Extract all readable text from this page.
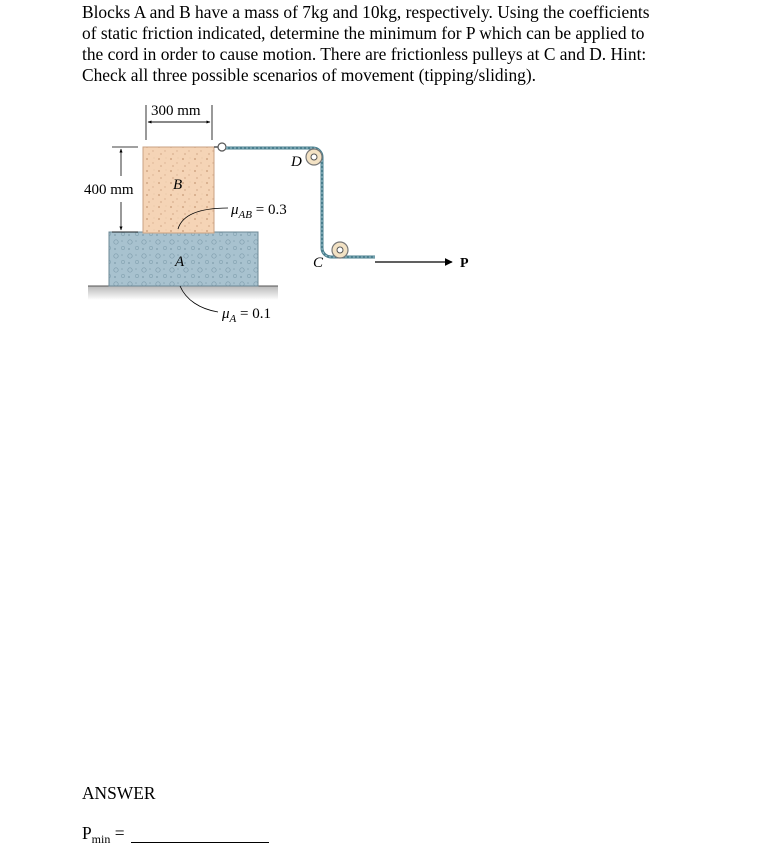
Blocks A and B have a mass of 7kg and 10kg, respectively. Using the coefficients
of static friction indicated, determine the minimum for P which can be applied to
the cord in order to cause motion. There are frictionless pulleys at C and D. Hint:
Check all three possible scenarios of movement (tipping/sliding).
300 mm
400 mm	B
A
$\mu_{AB} = 0.3$
$\mu_A = 0.1$
D
C	P

ANSWER

$P_{min}$ =
